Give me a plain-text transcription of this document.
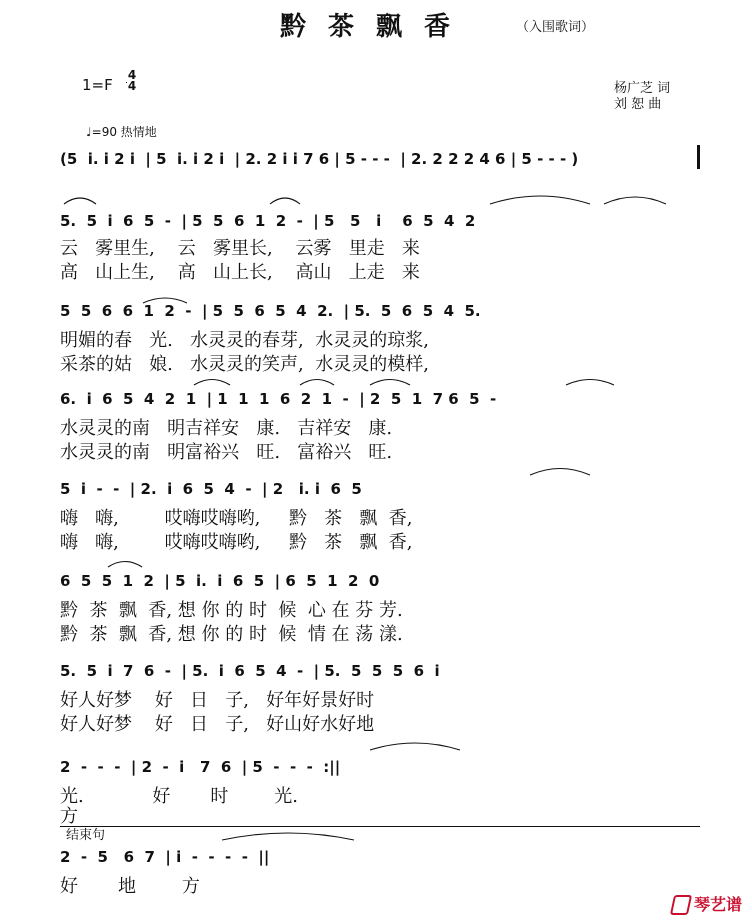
黔茶飘香	（入围歌词）
1=F
4
4	杨广芝 词
刘 恕 曲
♩=90 热情地
(5  i. i 2 i  | 5  i. i 2 i  | 2. 2 i i 7 6 | 5 - - -  | 2. 2 2 2 4 6 | 5 - - - )
5.  5  i  6  5  -  | 5  5  6  1  2  -  | 5   5   i    6  5  4  2
云   雾里生,    云   雾里长,    云雾   里走   来
高   山上生,    高   山上长,    高山   上走   来
5  5  6  6  1  2  -  | 5  5  6  5  4  2.  | 5.  5  6  5  4  5.
明媚的春   光.   水灵灵的春芽,  水灵灵的琼浆,
采茶的姑   娘.   水灵灵的笑声,  水灵灵的模样,
6.  i  6  5  4  2  1  | 1  1  1  6  2  1  -  | 2  5  1  7 6  5  -
水灵灵的南   明吉祥安   康.   吉祥安   康.
水灵灵的南   明富裕兴   旺.   富裕兴   旺.
5  i  -  -  | 2.  i  6  5  4  -  | 2   i. i  6  5
嗨   嗨,        哎嗨哎嗨哟,     黔   茶   飘  香,
嗨   嗨,        哎嗨哎嗨哟,     黔   茶   飘  香,
6  5  5  1  2  | 5  i.  i  6  5  | 6  5  1  2  0
黔  茶  飘  香, 想 你 的 时  候  心 在 芬 芳.
黔  茶  飘  香, 想 你 的 时  候  情 在 荡 漾.
5.  5  i  7  6  -  | 5.  i  6  5  4  -  | 5.  5  5  5  6  i
好人好梦    好   日   子,   好年好景好时
好人好梦    好   日   子,   好山好水好地
2  -  -  -  | 2  -  i   7  6  | 5  -  -  -  :||
光.            好       时        光.
方
结束句
2  -  5   6  7  | i  -  -  -  -  ||
好       地        方
琴艺谱
